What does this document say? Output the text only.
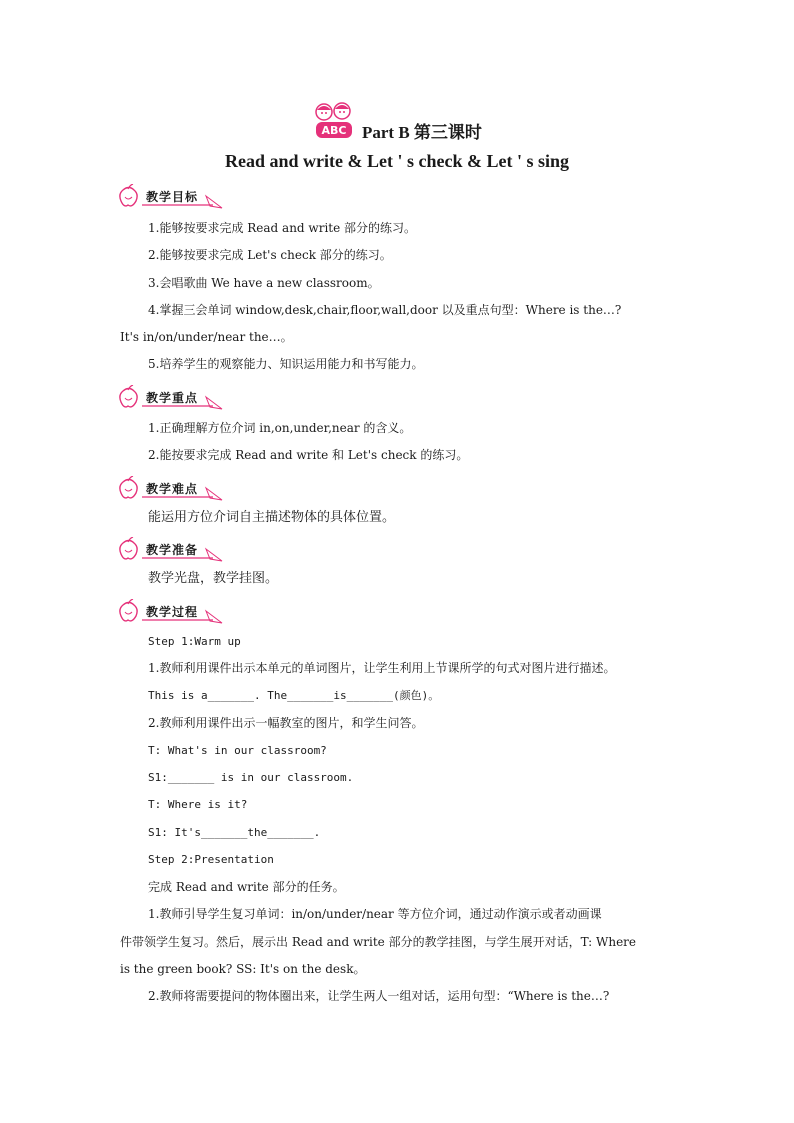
ABC Part B 第三课时
Read and write & Let ' s check & Let ' s sing
教学目标
1.能够按要求完成 Read and write 部分的练习。
2.能够按要求完成 Let's check 部分的练习。
3.会唱歌曲 We have a new classroom。
4.掌握三会单词 window,desk,chair,floor,wall,door 以及重点句型：Where is the…?
It's in/on/under/near the…。
5.培养学生的观察能力、知识运用能力和书写能力。
教学重点
1.正确理解方位介词 in,on,under,near 的含义。
2.能按要求完成 Read and write 和 Let's check 的练习。
教学难点
能运用方位介词自主描述物体的具体位置。
教学准备
教学光盘，教学挂图。
教学过程
Step 1:Warm up
1.教师利用课件出示本单元的单词图片，让学生利用上节课所学的句式对图片进行描述。
This is a_______. The_______is_______(颜色)。
2.教师利用课件出示一幅教室的图片，和学生问答。
T: What's in our classroom?
S1:_______ is in our classroom.
T: Where is it?
S1: It's_______the_______.
Step 2:Presentation
完成 Read and write 部分的任务。
1.教师引导学生复习单词：in/on/under/near 等方位介词，通过动作演示或者动画课
件带领学生复习。然后，展示出 Read and write 部分的教学挂图，与学生展开对话，T: Where
is the green book? SS: It's on the desk。
2.教师将需要提问的物体圈出来，让学生两人一组对话，运用句型：“Where is the…?
